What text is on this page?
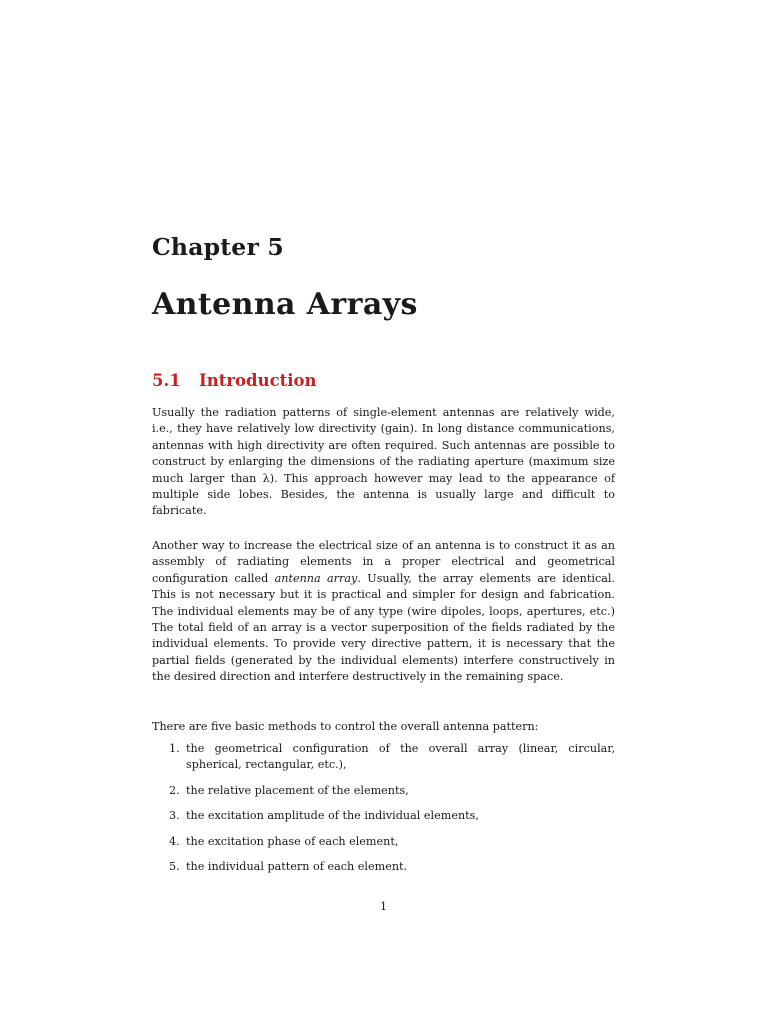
Chapter 5
Antenna Arrays
5.1 Introduction

Usually the radiation patterns of single-element antennas are relatively wide, i.e., they have relatively low directivity (gain). In long distance communications, antennas with high directivity are often required. Such antennas are possible to construct by enlarging the dimensions of the radiating aperture (maximum size much larger than λ). This approach however may lead to the appearance of multiple side lobes. Besides, the antenna is usually large and difficult to fabricate.

Another way to increase the electrical size of an antenna is to construct it as an assembly of radiating elements in a proper electrical and geometrical configuration called antenna array. Usually, the array elements are identical. This is not necessary but it is practical and simpler for design and fabrication. The individual elements may be of any type (wire dipoles, loops, apertures, etc.) The total field of an array is a vector superposition of the fields radiated by the individual elements. To provide very directive pattern, it is necessary that the partial fields (generated by the individual elements) interfere constructively in the desired direction and interfere destructively in the remaining space.

There are five basic methods to control the overall antenna pattern:

1. the geometrical configuration of the overall array (linear, circular, spherical, rectangular, etc.),
2. the relative placement of the elements,
3. the excitation amplitude of the individual elements,
4. the excitation phase of each element,
5. the individual pattern of each element.
1
